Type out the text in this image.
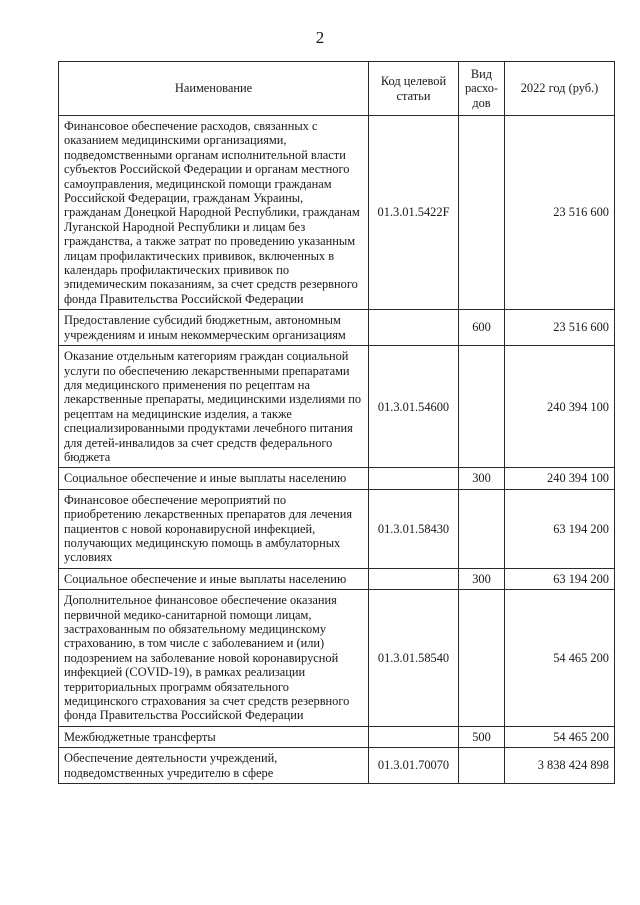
2
Наименование	Код целевой статьи	Вид расхо-дов	2022 год (руб.)
Финансовое обеспечение расходов, связанных с оказанием медицинскими организациями, подведомственными органам исполнительной власти субъектов Российской Федерации и органам местного самоуправления, медицинской помощи гражданам Российской Федерации, гражданам Украины, гражданам Донецкой Народной Республики, гражданам Луганской Народной Республики и лицам без гражданства, а также затрат по проведению указанным лицам профилактических прививок, включенных в календарь профилактических прививок по эпидемическим показаниям, за счет средств резервного фонда Правительства Российской Федерации	01.3.01.5422F		23 516 600
Предоставление субсидий бюджетным, автономным учреждениям и иным некоммерческим организациям		600	23 516 600
Оказание отдельным категориям граждан социальной услуги по обеспечению лекарственными препаратами для медицинского применения по рецептам на лекарственные препараты, медицинскими изделиями по рецептам на медицинские изделия, а также специализированными продуктами лечебного питания для детей-инвалидов за счет средств федерального бюджета	01.3.01.54600		240 394 100
Социальное обеспечение и иные выплаты населению		300	240 394 100
Финансовое обеспечение мероприятий по приобретению лекарственных препаратов для лечения пациентов с новой коронавирусной инфекцией, получающих медицинскую помощь в амбулаторных условиях	01.3.01.58430		63 194 200
Социальное обеспечение и иные выплаты населению		300	63 194 200
Дополнительное финансовое обеспечение оказания первичной медико-санитарной помощи лицам, застрахованным по обязательному медицинскому страхованию, в том числе с заболеванием и (или) подозрением на заболевание новой коронавирусной инфекцией (COVID-19), в рамках реализации территориальных программ обязательного медицинского страхования за счет средств резервного фонда Правительства Российской Федерации	01.3.01.58540		54 465 200
Межбюджетные трансферты		500	54 465 200
Обеспечение деятельности учреждений, подведомственных учредителю в сфере	01.3.01.70070		3 838 424 898
